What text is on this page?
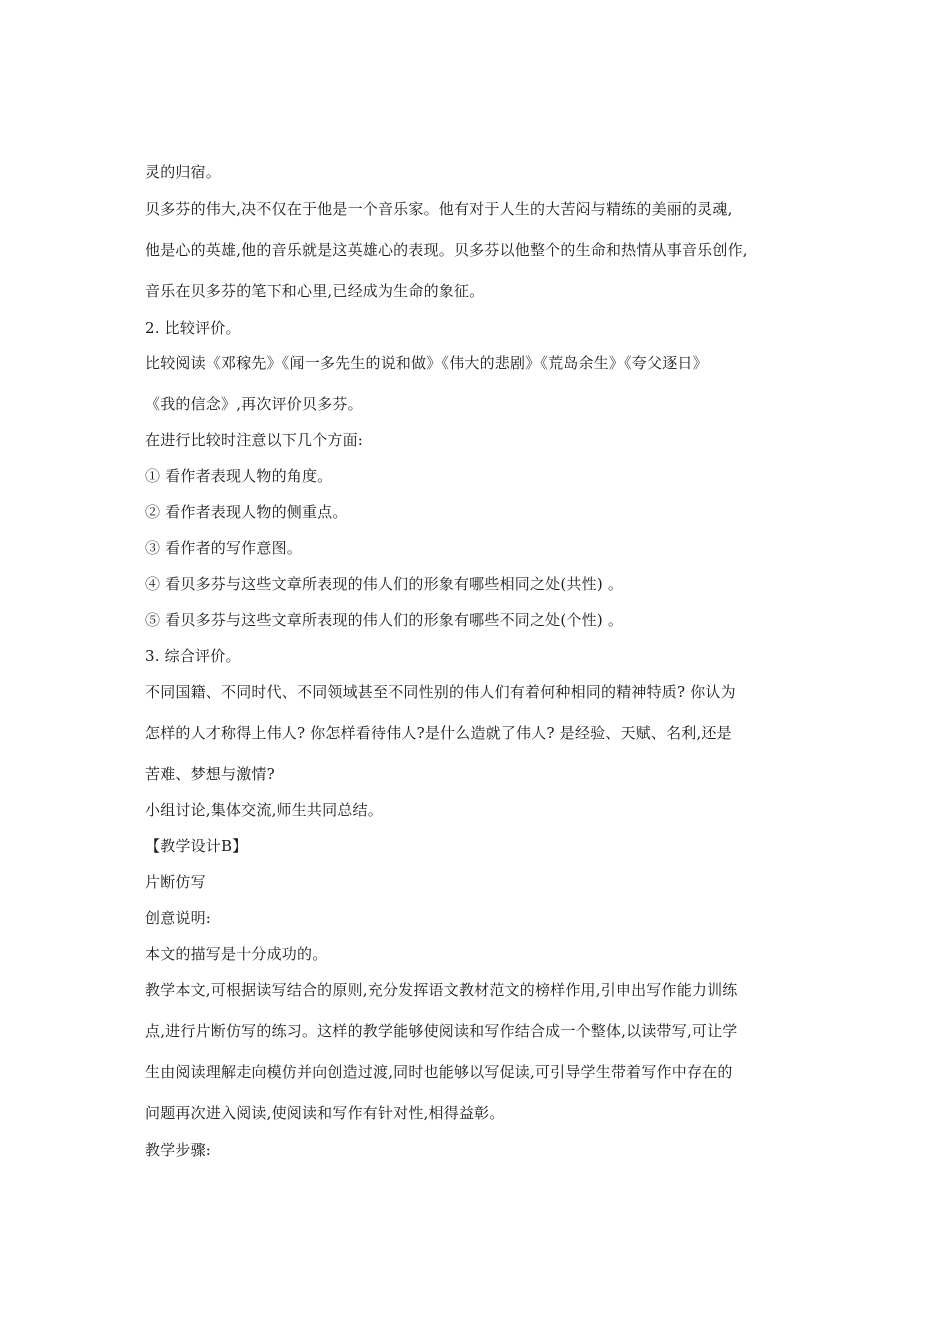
灵的归宿。
贝多芬的伟大,决不仅在于他是一个音乐家。他有对于人生的大苦闷与精练的美丽的灵魂,
他是心的英雄,他的音乐就是这英雄心的表现。贝多芬以他整个的生命和热情从事音乐创作,
音乐在贝多芬的笔下和心里,已经成为生命的象征。
2. 比较评价。
比较阅读《邓稼先》《闻一多先生的说和做》《伟大的悲剧》《荒岛余生》《夸父逐日》
《我的信念》,再次评价贝多芬。
在进行比较时注意以下几个方面:
① 看作者表现人物的角度。
② 看作者表现人物的侧重点。
③ 看作者的写作意图。
④ 看贝多芬与这些文章所表现的伟人们的形象有哪些相同之处(共性) 。
⑤ 看贝多芬与这些文章所表现的伟人们的形象有哪些不同之处(个性) 。
3. 综合评价。
不同国籍、不同时代、不同领域甚至不同性别的伟人们有着何种相同的精神特质? 你认为
怎样的人才称得上伟人? 你怎样看待伟人?是什么造就了伟人? 是经验、天赋、名利,还是
苦难、梦想与激情?
小组讨论,集体交流,师生共同总结。
【教学设计B】
片断仿写
创意说明:
本文的描写是十分成功的。
教学本文,可根据读写结合的原则,充分发挥语文教材范文的榜样作用,引申出写作能力训练
点,进行片断仿写的练习。这样的教学能够使阅读和写作结合成一个整体,以读带写,可让学
生由阅读理解走向模仿并向创造过渡,同时也能够以写促读,可引导学生带着写作中存在的
问题再次进入阅读,使阅读和写作有针对性,相得益彰。
教学步骤:
